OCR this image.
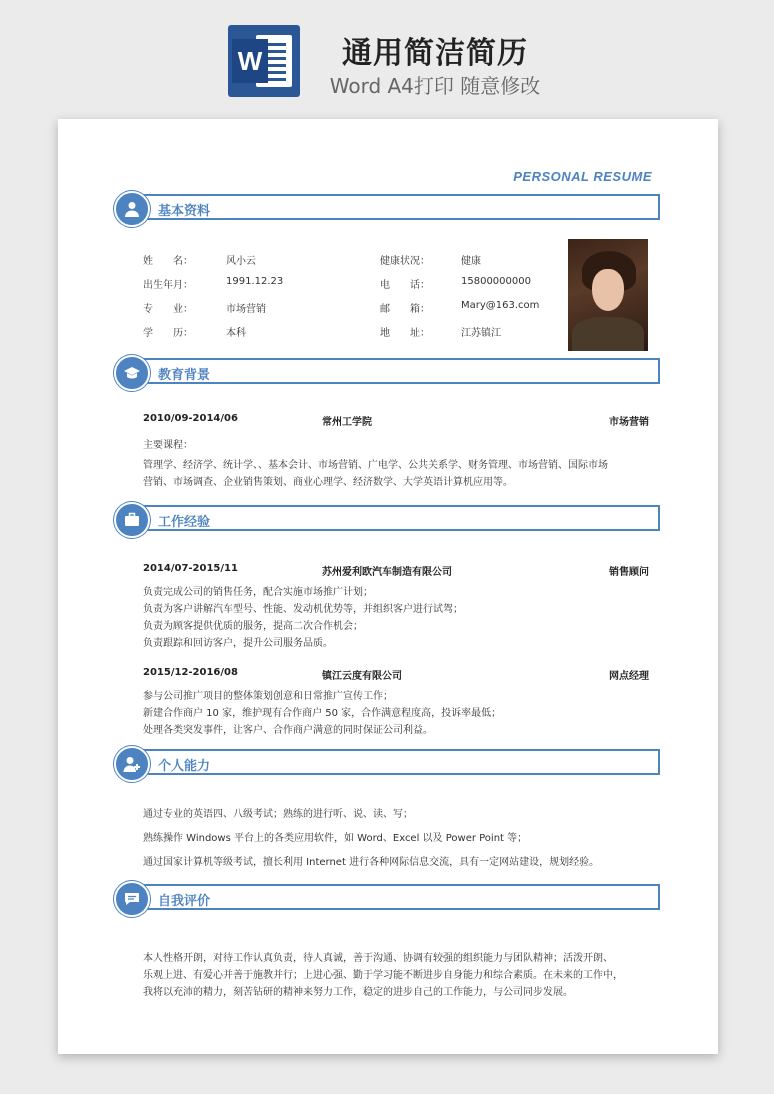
W	通用简洁简历
Word A4打印 随意修改
PERSONAL RESUME
基本资料
姓　　名：	风小云
出生年月：	1991.12.23
专　　业：	市场营销
学　　历：	本科
健康状况：	健康
电　　话：	15800000000
邮　　箱：	Mary@163.com
地　　址：	江苏镇江
教育背景
2010/09-2014/06	常州工学院	市场营销
主要课程：
管理学、经济学、统计学、、基本会计、市场营销、广电学、公共关系学、财务管理、市场营销、国际市场
营销、市场调查、企业销售策划、商业心理学、经济数学、大学英语计算机应用等。
工作经验
2014/07-2015/11	苏州爱利欧汽车制造有限公司	销售顾问
负责完成公司的销售任务，配合实施市场推广计划；
负责为客户讲解汽车型号、性能、发动机优势等，并组织客户进行试驾；
负责为顾客提供优质的服务，提高二次合作机会；
负责跟踪和回访客户，提升公司服务品质。
2015/12-2016/08	镇江云度有限公司	网点经理
参与公司推广项目的整体策划创意和日常推广宣传工作；
新建合作商户 10 家，维护现有合作商户 50 家，合作满意程度高，投诉率最低；
处理各类突发事件，让客户、合作商户满意的同时保证公司利益。
个人能力
通过专业的英语四、八级考试；熟练的进行听、说、读、写；
熟练操作 Windows 平台上的各类应用软件，如 Word、Excel 以及 Power Point 等；
通过国家计算机等级考试，擅长利用 Internet 进行各种网际信息交流，具有一定网站建设，规划经验。
自我评价
本人性格开朗，对待工作认真负责，待人真诚，善于沟通、协调有较强的组织能力与团队精神；活泼开朗、
乐观上进、有爱心并善于施教并行；上进心强、勤于学习能不断进步自身能力和综合素质。在未来的工作中，
我将以充沛的精力，刻苦钻研的精神来努力工作，稳定的进步自己的工作能力，与公司同步发展。
